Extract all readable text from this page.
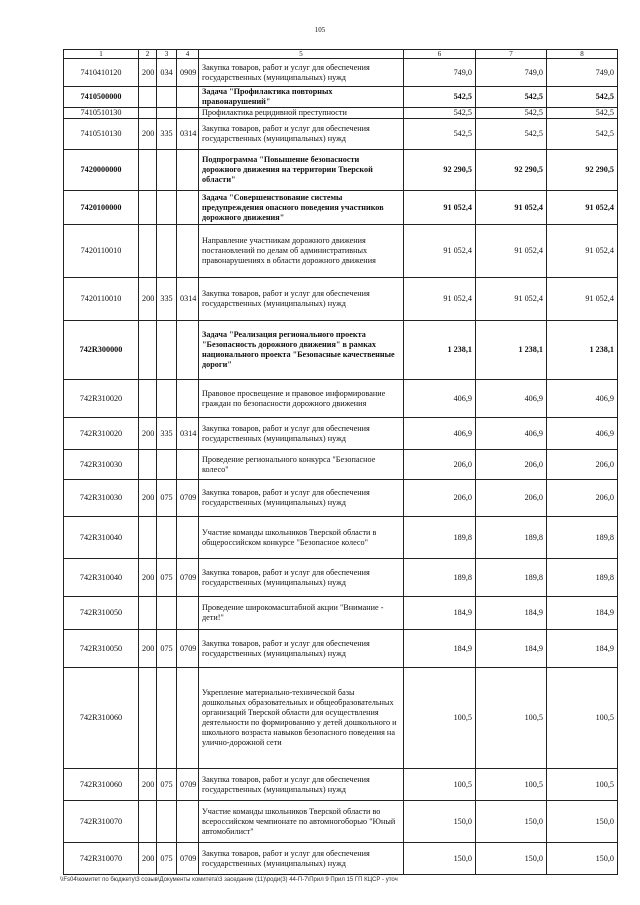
105
1	2	3	4	5	6	7	8
7410410120	200	034	0909	Закупка товаров, работ и услуг для обеспечения государственных (муниципальных) нужд	749,0	749,0	749,0
7410500000				Задача "Профилактика повторных правонарушений"	542,5	542,5	542,5
7410510130				Профилактика рецидивной преступности	542,5	542,5	542,5
7410510130	200	335	0314	Закупка товаров, работ и услуг для обеспечения государственных (муниципальных) нужд	542,5	542,5	542,5
7420000000				Подпрограмма "Повышение безопасности дорожного движения на территории Тверской области"	92 290,5	92 290,5	92 290,5
7420100000				Задача "Совершенствование системы предупреждения опасного поведения участников дорожного движения"	91 052,4	91 052,4	91 052,4
7420110010				Направление участникам дорожного движения постановлений по делам об административных правонарушениях в области дорожного движения	91 052,4	91 052,4	91 052,4
7420110010	200	335	0314	Закупка товаров, работ и услуг для обеспечения государственных (муниципальных) нужд	91 052,4	91 052,4	91 052,4
742R300000				Задача "Реализация регионального проекта "Безопасность дорожного движения" в рамках национального проекта "Безопасные качественные дороги"	1 238,1	1 238,1	1 238,1
742R310020				Правовое просвещение и правовое информирование граждан по безопасности дорожного движения	406,9	406,9	406,9
742R310020	200	335	0314	Закупка товаров, работ и услуг для обеспечения государственных (муниципальных) нужд	406,9	406,9	406,9
742R310030				Проведение регионального конкурса "Безопасное колесо"	206,0	206,0	206,0
742R310030	200	075	0709	Закупка товаров, работ и услуг для обеспечения государственных (муниципальных) нужд	206,0	206,0	206,0
742R310040				Участие команды школьников Тверской области в общероссийском конкурсе "Безопасное колесо"	189,8	189,8	189,8
742R310040	200	075	0709	Закупка товаров, работ и услуг для обеспечения государственных (муниципальных) нужд	189,8	189,8	189,8
742R310050				Проведение широкомасштабной акции "Внимание - дети!"	184,9	184,9	184,9
742R310050	200	075	0709	Закупка товаров, работ и услуг для обеспечения государственных (муниципальных) нужд	184,9	184,9	184,9
742R310060				Укрепление материально-технической базы дошкольных образовательных и общеобразовательных организаций Тверской области для осуществления деятельности по формированию у детей дошкольного и школьного возраста навыков безопасного поведения на улично-дорожной сети	100,5	100,5	100,5
742R310060	200	075	0709	Закупка товаров, работ и услуг для обеспечения государственных (муниципальных) нужд	100,5	100,5	100,5
742R310070				Участие команды школьников Тверской области во всероссийском чемпионате по автомногоборью "Юный автомобилист"	150,0	150,0	150,0
742R310070	200	075	0709	Закупка товаров, работ и услуг для обеспечения государственных (муниципальных) нужд	150,0	150,0	150,0
\\Fs04\комитет по бюджету\3 созыв\Документы комитета\3 заседание (11)\роди(3) 44-П-7\Прил 9 Прил 15 ГП КЦСР - уточ
